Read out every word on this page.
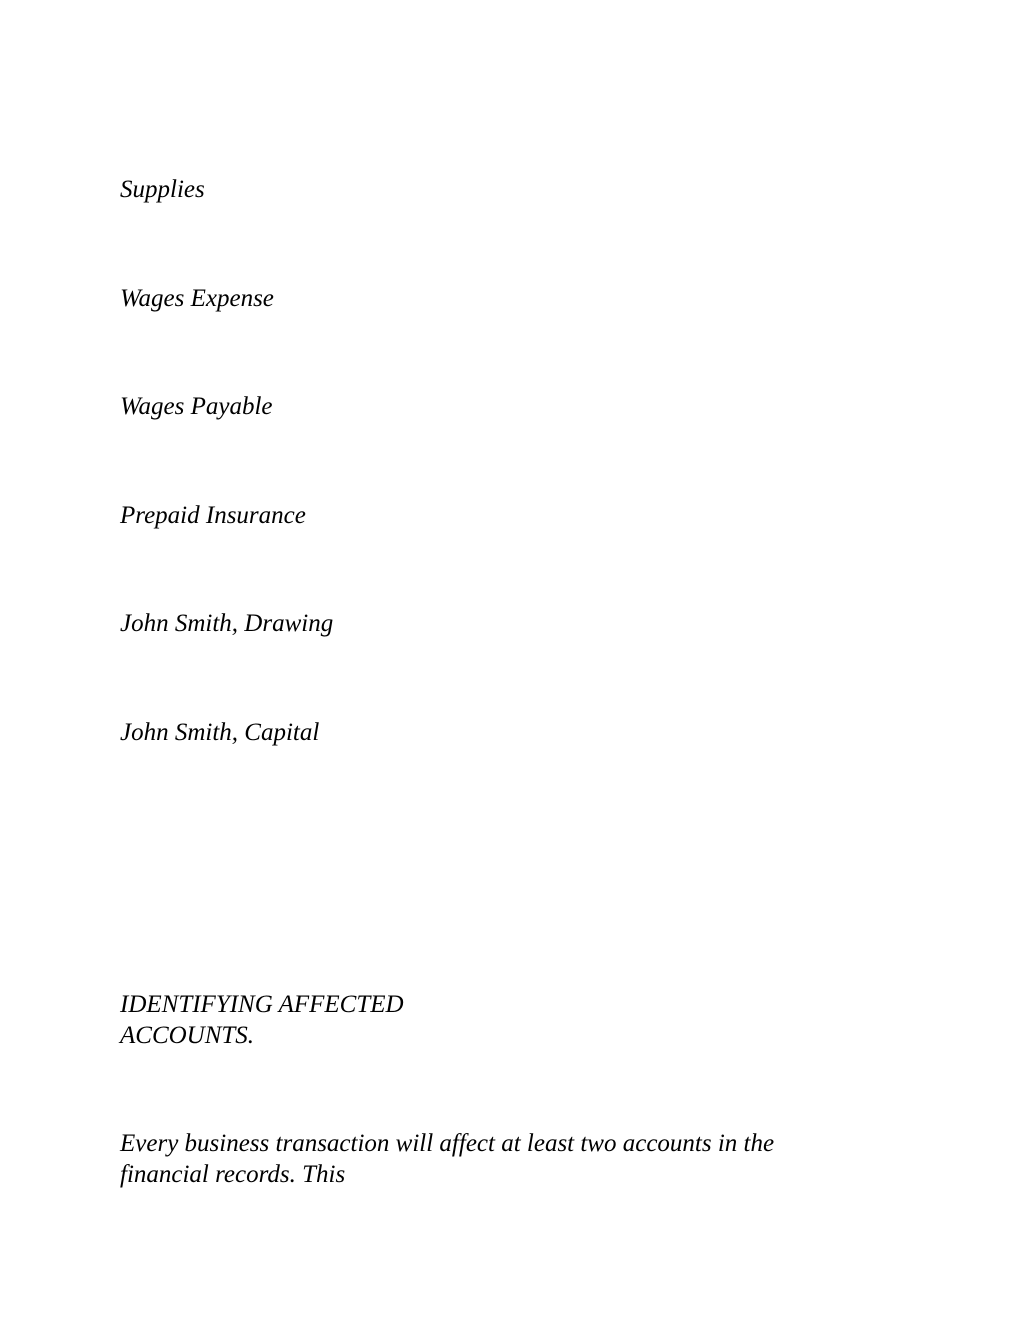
Supplies

Wages Expense

Wages Payable

Prepaid Insurance

John Smith, Drawing

John Smith, Capital

IDENTIFYING AFFECTED
ACCOUNTS.

Every business transaction will affect at least two accounts in the
financial records. This
